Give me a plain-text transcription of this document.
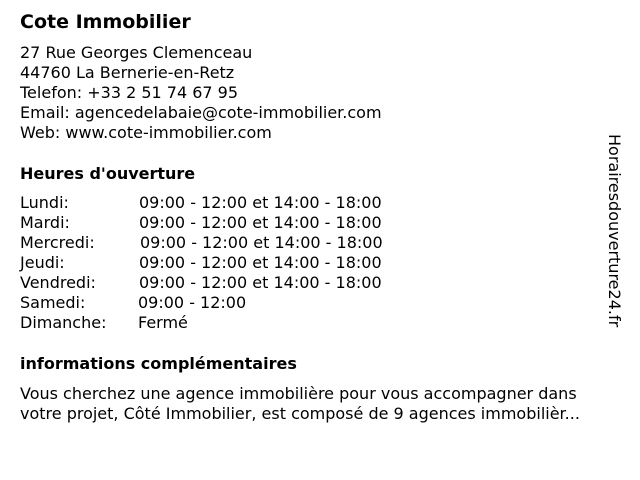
Cote Immobilier
27 Rue Georges Clemenceau
44760 La Bernerie-en-Retz
Telefon: +33 2 51 74 67 95
Email: agencedelabaie@cote-immobilier.com
Web: www.cote-immobilier.com
Heures d'ouverture
Lundi:	09:00 - 12:00 et 14:00 - 18:00
Mardi:	09:00 - 12:00 et 14:00 - 18:00
Mercredi:	09:00 - 12:00 et 14:00 - 18:00
Jeudi:	09:00 - 12:00 et 14:00 - 18:00
Vendredi:	09:00 - 12:00 et 14:00 - 18:00
Samedi:	09:00 - 12:00
Dimanche: Fermé
informations complémentaires
Vous cherchez une agence immobilière pour vous accompagner dans
votre projet, Côté Immobilier, est composé de 9 agences immobilièr...
Horairesdouverture24.fr
